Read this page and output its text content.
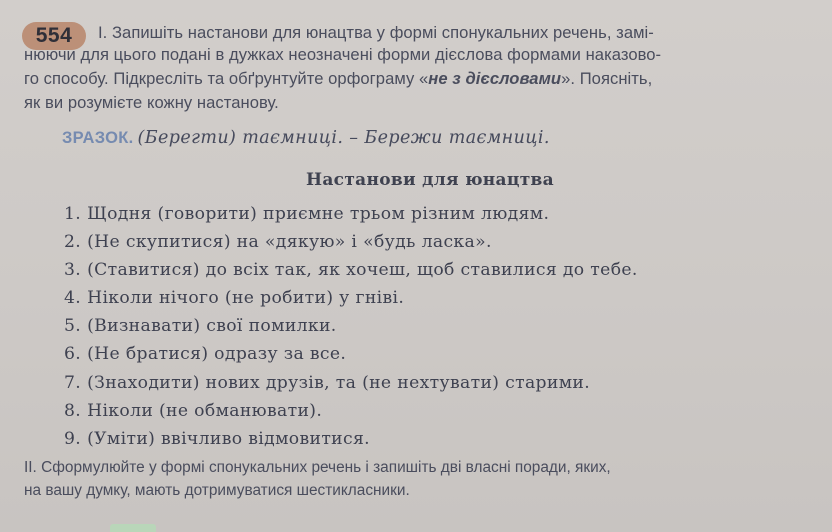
554	I. Запишіть настанови для юнацтва у формі спонукальних речень, замі-
нюючи для цього подані в дужках неозначені форми дієслова формами наказово-
го способу. Підкресліть та обґрунтуйте орфограму «не з дієсловами». Поясніть,
як ви розумієте кожну настанову.
ЗРАЗОК. (Берегти) таємниці. – Бережи таємниці.
Настанови для юнацтва
1. Щодня (говорити) приємне трьом різним людям.
2. (Не скупитися) на «дякую» і «будь ласка».
3. (Ставитися) до всіх так, як хочеш, щоб ставилися до тебе.
4. Ніколи нічого (не робити) у гніві.
5. (Визнавати) свої помилки.
6. (Не братися) одразу за все.
7. (Знаходити) нових друзів, та (не нехтувати) старими.
8. Ніколи (не обманювати).
9. (Уміти) ввічливо відмовитися.
II. Сформулюйте у формі спонукальних речень і запишіть дві власні поради, яких,
на вашу думку, мають дотримуватися шестикласники.
